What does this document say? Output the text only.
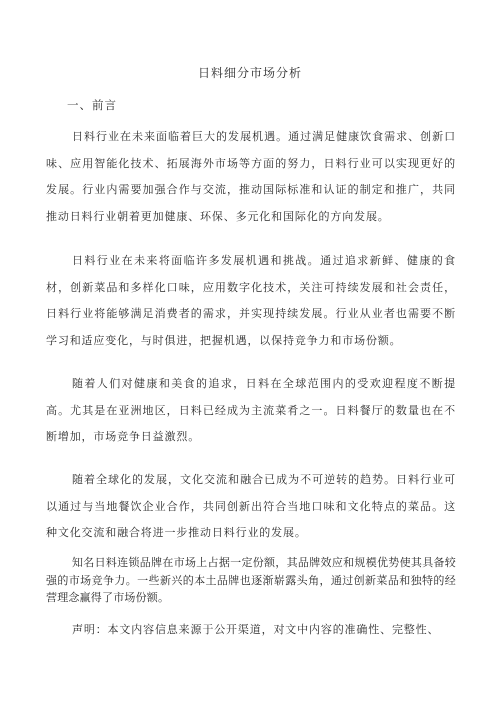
日料细分市场分析
一、前言

日料行业在未来面临着巨大的发展机遇。通过满足健康饮食需求、创新口味、应用智能化技术、拓展海外市场等方面的努力，日料行业可以实现更好的发展。行业内需要加强合作与交流，推动国际标准和认证的制定和推广，共同推动日料行业朝着更加健康、环保、多元化和国际化的方向发展。

日料行业在未来将面临许多发展机遇和挑战。通过追求新鲜、健康的食材，创新菜品和多样化口味，应用数字化技术，关注可持续发展和社会责任，日料行业将能够满足消费者的需求，并实现持续发展。行业从业者也需要不断学习和适应变化，与时俱进，把握机遇，以保持竞争力和市场份额。

随着人们对健康和美食的追求，日料在全球范围内的受欢迎程度不断提高。尤其是在亚洲地区，日料已经成为主流菜肴之一。日料餐厅的数量也在不断增加，市场竞争日益激烈。

随着全球化的发展，文化交流和融合已成为不可逆转的趋势。日料行业可以通过与当地餐饮企业合作，共同创新出符合当地口味和文化特点的菜品。这种文化交流和融合将进一步推动日料行业的发展。

知名日料连锁品牌在市场上占据一定份额，其品牌效应和规模优势使其具备较强的市场竞争力。一些新兴的本土品牌也逐渐崭露头角，通过创新菜品和独特的经营理念赢得了市场份额。

声明：本文内容信息来源于公开渠道，对文中内容的准确性、完整性、
